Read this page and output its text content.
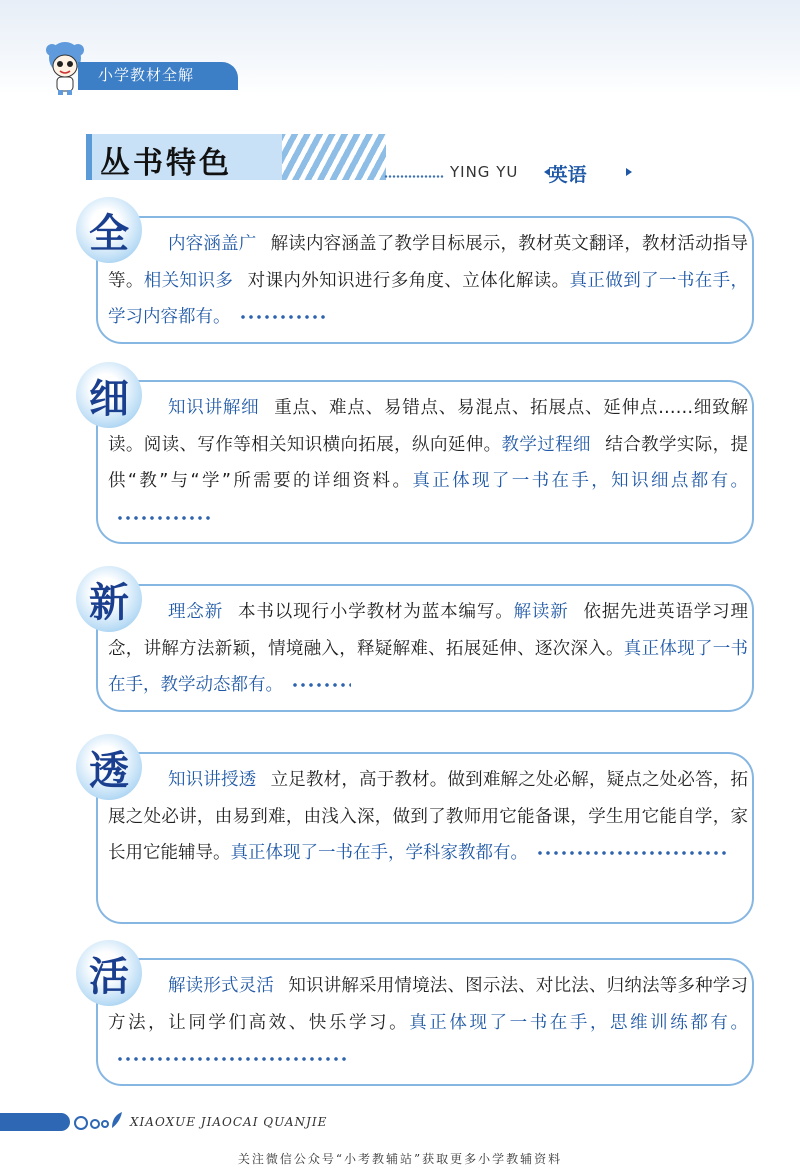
小学教材全解
丛书特色	YING YU	英语
全
细
新
透
活
内容涵盖广 解读内容涵盖了教学目标展示，教材英文翻译，教材活动指导等。相关知识多 对课内外知识进行多角度、立体化解读。真正做到了一书在手，学习内容都有。
知识讲解细 重点、难点、易错点、易混点、拓展点、延伸点……细致解读。阅读、写作等相关知识横向拓展，纵向延伸。教学过程细 结合教学实际，提供“教”与“学”所需要的详细资料。真正体现了一书在手，知识细点都有。
理念新 本书以现行小学教材为蓝本编写。解读新 依据先进英语学习理念，讲解方法新颖，情境融入，释疑解难、拓展延伸、逐次深入。真正体现了一书在手，教学动态都有。
知识讲授透 立足教材，高于教材。做到难解之处必解，疑点之处必答，拓展之处必讲，由易到难，由浅入深，做到了教师用它能备课，学生用它能自学，家长用它能辅导。真正体现了一书在手，学科家教都有。
解读形式灵活 知识讲解采用情境法、图示法、对比法、归纳法等多种学习方法，让同学们高效、快乐学习。真正体现了一书在手，思维训练都有。
XIAOXUE JIAOCAI QUANJIE
关注微信公众号“小考教辅站”获取更多小学教辅资料
